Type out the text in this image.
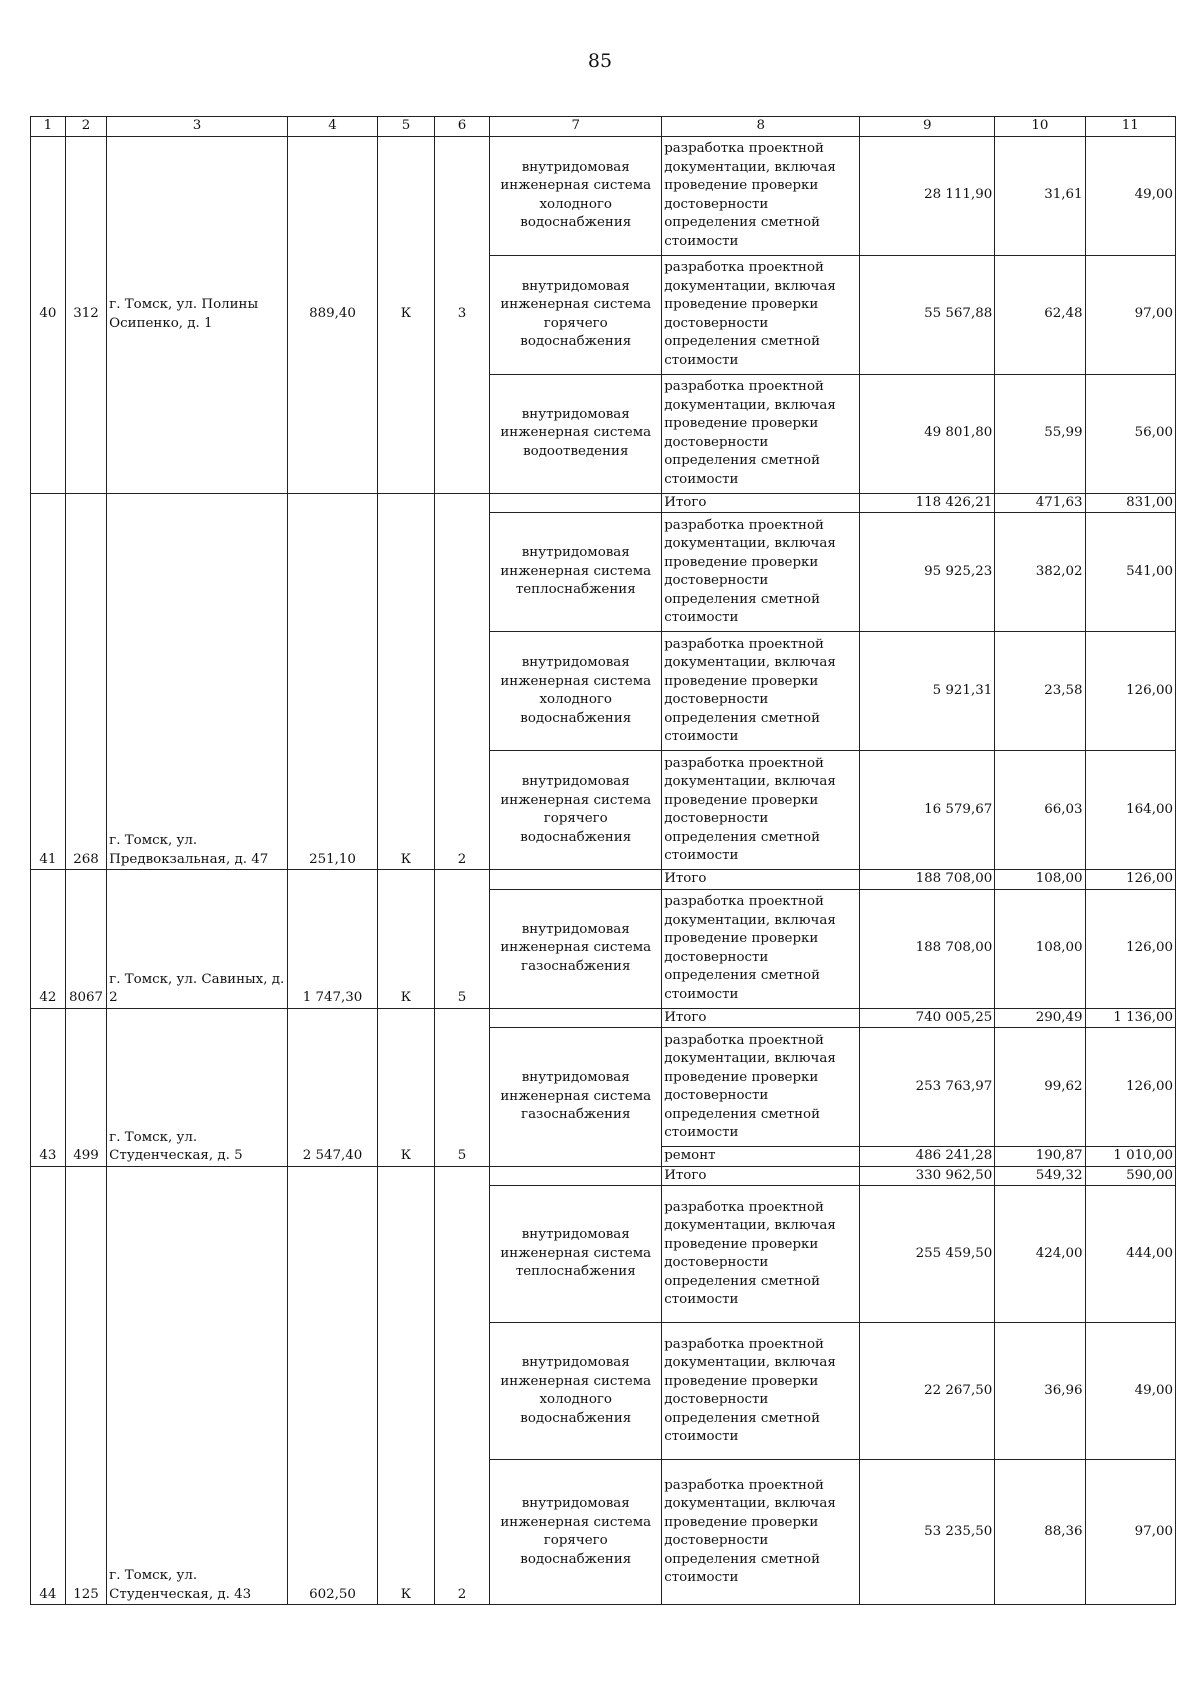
85
1	2	3	4	5	6	7	8	9	10	11
40	312	г. Томск, ул. Полины Осипенко, д. 1	889,40	К	3	внутридомовая инженерная система холодного водоснабжения	разработка проектной документации, включая проведение проверки достоверности определения сметной стоимости	28 111,90	31,61	49,00
						внутридомовая инженерная система горячего водоснабжения	разработка проектной документации, включая проведение проверки достоверности определения сметной стоимости	55 567,88	62,48	97,00
						внутридомовая инженерная система водоотведения	разработка проектной документации, включая проведение проверки достоверности определения сметной стоимости	49 801,80	55,99	56,00
41	268	г. Томск, ул. Предвокзальная, д. 47	251,10	К	2		Итого	118 426,21	471,63	831,00
						внутридомовая инженерная система теплоснабжения	разработка проектной документации, включая проведение проверки достоверности определения сметной стоимости	95 925,23	382,02	541,00
						внутридомовая инженерная система холодного водоснабжения	разработка проектной документации, включая проведение проверки достоверности определения сметной стоимости	5 921,31	23,58	126,00
						внутридомовая инженерная система горячего водоснабжения	разработка проектной документации, включая проведение проверки достоверности определения сметной стоимости	16 579,67	66,03	164,00
42	8067	г. Томск, ул. Савиных, д. 2	1 747,30	К	5		Итого	188 708,00	108,00	126,00
						внутридомовая инженерная система газоснабжения	разработка проектной документации, включая проведение проверки достоверности определения сметной стоимости	188 708,00	108,00	126,00
43	499	г. Томск, ул. Студенческая, д. 5	2 547,40	К	5		Итого	740 005,25	290,49	1 136,00
						внутридомовая инженерная система газоснабжения	разработка проектной документации, включая проведение проверки достоверности определения сметной стоимости	253 763,97	99,62	126,00
							ремонт	486 241,28	190,87	1 010,00
44	125	г. Томск, ул. Студенческая, д. 43	602,50	К	2		Итого	330 962,50	549,32	590,00
						внутридомовая инженерная система теплоснабжения	разработка проектной документации, включая проведение проверки достоверности определения сметной стоимости	255 459,50	424,00	444,00
						внутридомовая инженерная система холодного водоснабжения	разработка проектной документации, включая проведение проверки достоверности определения сметной стоимости	22 267,50	36,96	49,00
						внутридомовая инженерная система горячего водоснабжения	разработка проектной документации, включая проведение проверки достоверности определения сметной стоимости	53 235,50	88,36	97,00
